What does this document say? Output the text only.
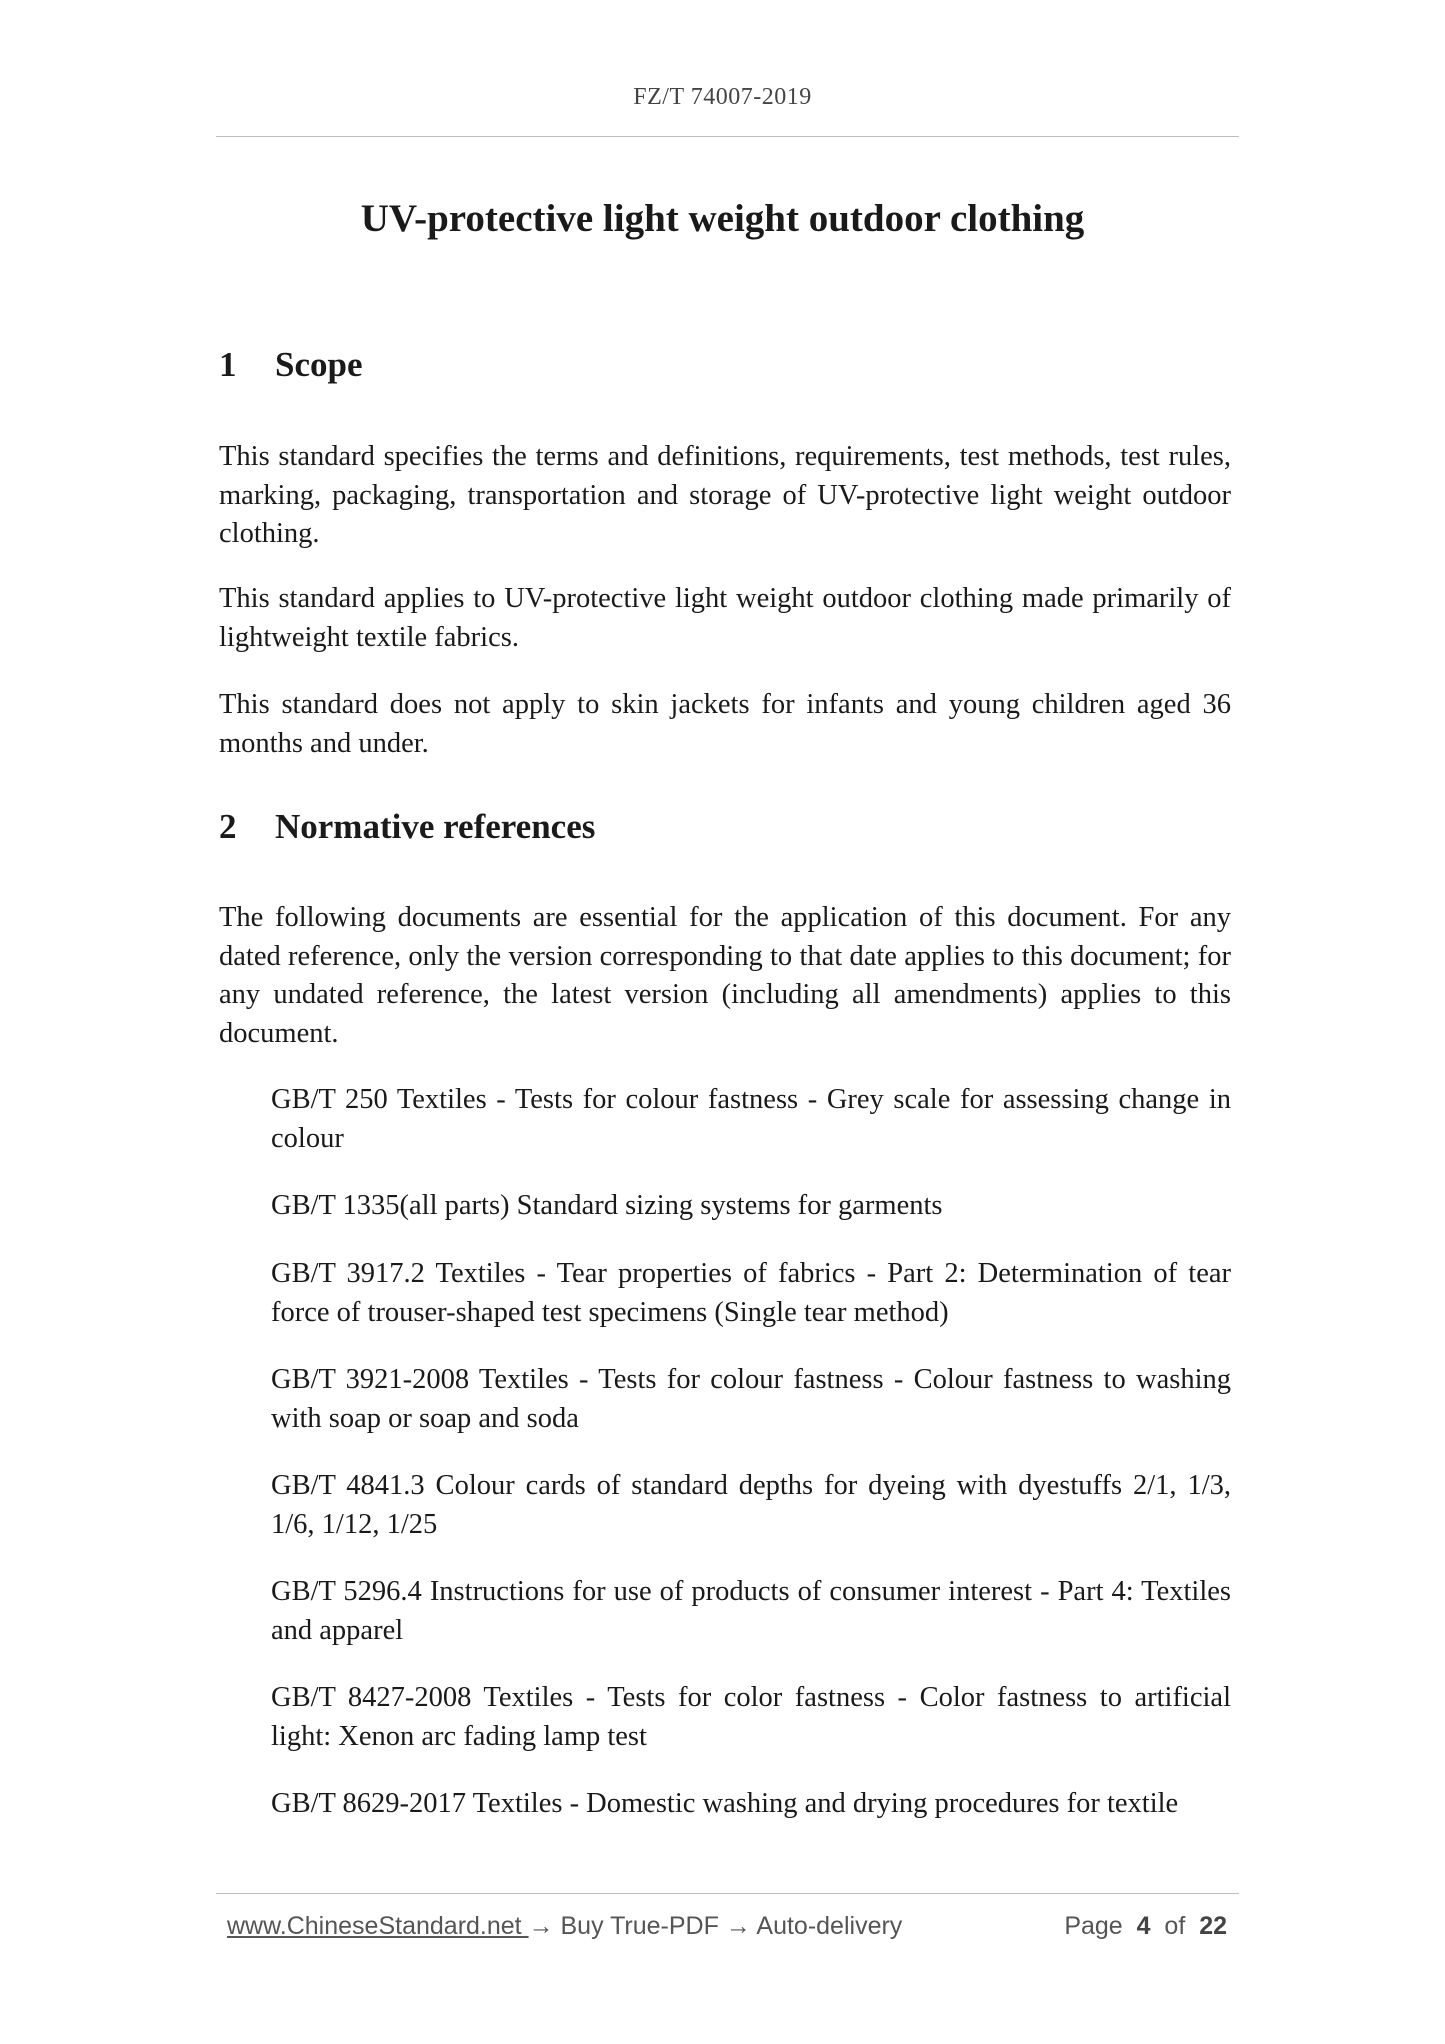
FZ/T 74007-2019
UV-protective light weight outdoor clothing
1 Scope

This standard specifies the terms and definitions, requirements, test methods, test rules, marking, packaging, transportation and storage of UV-protective light weight outdoor clothing.

This standard applies to UV-protective light weight outdoor clothing made primarily of lightweight textile fabrics.

This standard does not apply to skin jackets for infants and young children aged 36 months and under.

2 Normative references

The following documents are essential for the application of this document. For any dated reference, only the version corresponding to that date applies to this document; for any undated reference, the latest version (including all amendments) applies to this document.

GB/T 250 Textiles - Tests for colour fastness - Grey scale for assessing change in colour

GB/T 1335(all parts) Standard sizing systems for garments

GB/T 3917.2 Textiles - Tear properties of fabrics - Part 2: Determination of tear force of trouser-shaped test specimens (Single tear method)

GB/T 3921-2008 Textiles - Tests for colour fastness - Colour fastness to washing with soap or soap and soda

GB/T 4841.3 Colour cards of standard depths for dyeing with dyestuffs 2/1, 1/3, 1/6, 1/12, 1/25

GB/T 5296.4 Instructions for use of products of consumer interest - Part 4: Textiles and apparel

GB/T 8427-2008 Textiles - Tests for color fastness - Color fastness to artificial light: Xenon arc fading lamp test

GB/T 8629-2017 Textiles - Domestic washing and drying procedures for textile

www.ChineseStandard.net → Buy True-PDF → Auto-delivery	Page 4 of 22
